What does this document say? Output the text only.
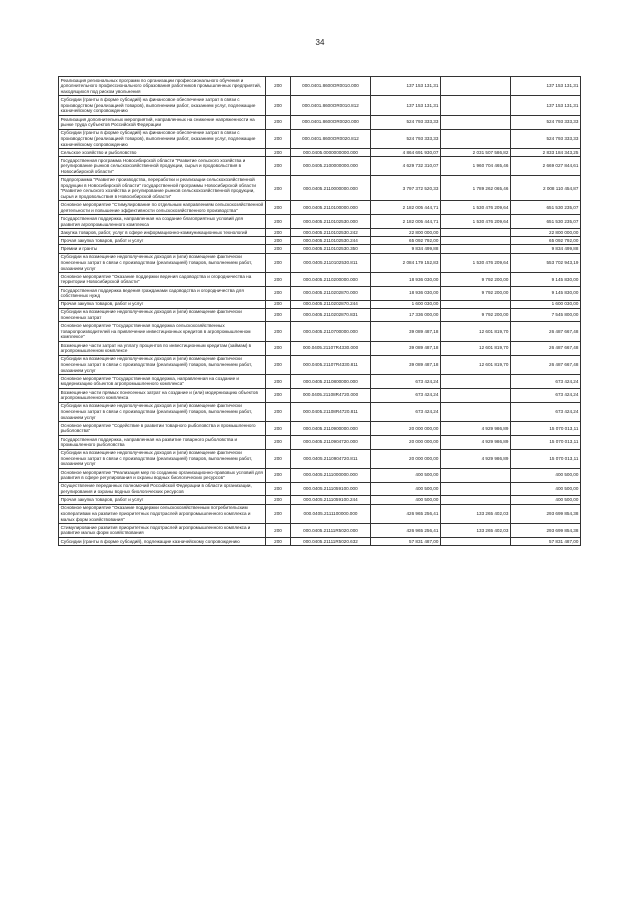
34
Реализация региональных программ по организации профессионального обучения и дополнительного профессионального образования работников промышленных предприятий, находящихся под риском увольнения	200	000.0401.8600ОR0010.000	137 153 131,31		137 153 131,31
Субсидии (гранты в форме субсидий) на финансовое обеспечение затрат в связи с производством (реализацией товаров), выполнением работ, оказанием услуг, подлежащие казначейскому сопровождению	200	000.0401.8600ОR0010.812	137 153 131,31		137 153 131,31
Реализация дополнительных мероприятий, направленных на снижение напряженности на рынке труда субъектов Российской Федерации	200	000.0401.8600ОR0020.000	524 793 333,33		524 793 333,33
Субсидии (гранты в форме субсидий) на финансовое обеспечение затрат в связи с производством (реализацией товаров), выполнением работ, оказанием услуг, подлежащие казначейскому сопровождению	200	000.0401.8600ОR0020.812	524 793 333,33		524 793 333,33
Сельское хозяйство и рыболовство	200	000.0405.0000000000.000	4 864 691 930,07	2 031 507 586,82	2 833 184 343,25
Государственная программа Новосибирской области "Развитие сельского хозяйства и регулирование рынков сельскохозяйственной продукции, сырья и продовольствия в Новосибирской области"	200	000.0405.2100000000.000	4 629 732 310,07	1 960 704 465,46	2 669 027 844,61
Подпрограмма "Развитие производства, переработки и реализации сельскохозяйственной продукции в Новосибирской области" государственной программы Новосибирской области "Развитие сельского хозяйства и регулирование рынков сельскохозяйственной продукции, сырья и продовольствия в Новосибирской области"	200	000.0405.2110000000.000	3 797 372 520,33	1 789 262 065,46	2 008 110 454,87
Основное мероприятие "Стимулирование по отдельным направлениям сельскохозяйственной деятельности и повышение эффективности сельскохозяйственного производства"	200	000.0405.2110100000.000	2 182 005 444,71	1 530 476 209,64	651 530 235,07
Государственная поддержка, направленная на создание благоприятных условий для развития агропромышленного комплекса	200	000.0405.2110102530.000	2 182 005 444,71	1 530 476 209,64	651 530 235,07
Закупка товаров, работ, услуг в сфере информационно-коммуникационных технологий	200	000.0405.2110102530.242	22 800 000,00		22 800 000,00
Прочая закупка товаров, работ и услуг	200	000.0405.2110102530.244	65 092 792,00		65 092 792,00
Премии и гранты	200	000.0405.2110102530.350	9 834 499,88		9 834 499,88
Субсидии на возмещение недополученных доходов и (или) возмещение фактически понесенных затрат в связи с производством (реализацией) товаров, выполнением работ, оказанием услуг	200	000.0405.2110102530.811	2 084 179 152,83	1 530 476 209,64	553 702 943,19
Основное мероприятие "Оказание поддержки ведения садоводства и огородничества на территории Новосибирской области"	200	000.0405.2110200000.000	18 936 030,00	9 792 200,00	9 145 830,00
Государственная поддержка ведения гражданами садоводства и огородничества для собственных нужд	200	000.0405.2110202870.000	18 936 030,00	9 792 200,00	9 145 830,00
Прочая закупка товаров, работ и услуг	200	000.0405.2110202870.244	1 600 030,00		1 600 030,00
Субсидии на возмещение недополученных доходов и (или) возмещение фактически понесенных затрат	200	000.0405.2110202870.831	17 336 000,00	9 792 200,00	7 545 800,00
Основное мероприятие "Государственная поддержка сельскохозяйственных товаропроизводителей на привлечение инвестиционных кредитов в агропромышленном комплексе"	200	000.0405.2110700000.000	39 089 487,18	12 601 819,70	26 487 667,48
Возмещение части затрат на уплату процентов по инвестиционным кредитам (займам) в агропромышленном комплексе	200	000.0405.21107R4330.000	39 089 487,18	12 601 819,70	26 487 667,48
Субсидии на возмещение недополученных доходов и (или) возмещение фактически понесенных затрат в связи с производством (реализацией) товаров, выполнением работ, оказанием услуг	200	000.0405.21107R4330.811	39 089 487,18	12 601 819,70	26 487 667,48
Основное мероприятие "Государственная поддержка, направленная на создание и модернизацию объектов агропромышленного комплекса"	200	000.0405.2110800000.000	673 424,24		673 424,24
Возмещение части прямых понесенных затрат на создание и (или) модернизацию объектов агропромышленного комплекса	200	000.0405.21108R4720.000	673 424,24		673 424,24
Субсидии на возмещение недополученных доходов и (или) возмещение фактически понесенных затрат в связи с производством (реализацией) товаров, выполнением работ, оказанием услуг	200	000.0405.21108R4720.811	673 424,24		673 424,24
Основное мероприятие "Содействие в развитии товарного рыболовства и промышленного рыболовства"	200	000.0405.2110900000.000	20 000 000,00	4 929 986,89	15 070 013,11
Государственная поддержка, направленная на развитие товарного рыболовства и промышленного рыболовства	200	000.0405.2110904720.000	20 000 000,00	4 929 986,89	15 070 013,11
Субсидии на возмещение недополученных доходов и (или) возмещение фактически понесенных затрат в связи с производством (реализацией) товаров, выполнением работ, оказанием услуг	200	000.0405.2110904720.811	20 000 000,00	4 929 986,89	15 070 013,11
Основное мероприятие "Реализация мер по созданию организационно-правовых условий для развития в сфере регулирования и охраны водных биологических ресурсов"	200	000.0405.2111000000.000	400 500,00		400 500,00
Осуществление переданных полномочий Российской Федерации в области организации, регулирования и охраны водных биологических ресурсов	200	000.0405.2111059100.000	400 500,00		400 500,00
Прочая закупка товаров, работ и услуг	200	000.0405.2111059100.244	400 500,00		400 500,00
Основное мероприятие "Оказание поддержки сельскохозяйственным потребительским кооперативам на развитие приоритетных подотраслей агропромышленного комплекса и малых форм хозяйствования"	200	000.0405.2111100000.000	426 965 256,41	133 265 402,03	293 699 854,38
Стимулирование развития приоритетных подотраслей агропромышленного комплекса и развитие малых форм хозяйствования	200	000.0405.21111R5020.000	426 965 256,41	133 265 402,03	293 699 854,38
Субсидии (гранты в форме субсидий), подлежащие казначейскому сопровождению	200	000.0405.21111R5020.632	57 831 487,00		57 831 487,00
